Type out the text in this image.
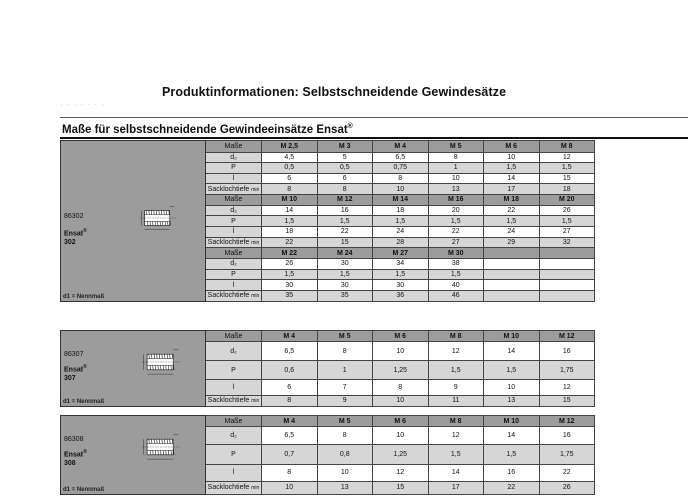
Produktinformationen: Selbstschneidende Gewindesätze
· · · · · · ·
Maße für selbstschneidende Gewindeeinsätze Ensat®
86302
Ensat®
302
d1 = Nennmaß	Maße	M 2,5	M 3	M 4	M 5	M 6	M 8
	d₂	4,5	5	6,5	8	10	12
	P	0,5	0,5	0,75	1	1,5	1,5
	l	6	6	8	10	14	15
	Sacklochtiefe min	8	8	10	13	17	18
	Maße	M 10	M 12	M 14	M 16	M 18	M 20
	d₂	14	16	18	20	22	26
	P	1,5	1,5	1,5	1,5	1,5	1,5
	l	18	22	24	22	24	27
	Sacklochtiefe min	22	15	28	27	29	32
	Maße	M 22	M 24	M 27	M 30		
	d₂	26	30	34	38		
	P	1,5	1,5	1,5	1,5		
	l	30	30	30	40		
	Sacklochtiefe min	35	35	36	46		
86307
Ensat®
307
d1 = Nennmaß	Maße	M 4	M 5	M 6	M 8	M 10	M 12
	d₂	6,5	8	10	12	14	16
	P	0,6	1	1,25	1,5	1,5	1,75
	l	6	7	8	9	10	12
	Sacklochtiefe min	8	9	10	11	13	15
86308
Ensat®
308
d1 = Nennmaß	Maße	M 4	M 5	M 6	M 8	M 10	M 12
	d₂	6,5	8	10	12	14	16
	P	0,7	0,8	1,25	1,5	1,5	1,75
	l	8	10	12	14	16	22
	Sacklochtiefe min	10	13	15	17	22	26
